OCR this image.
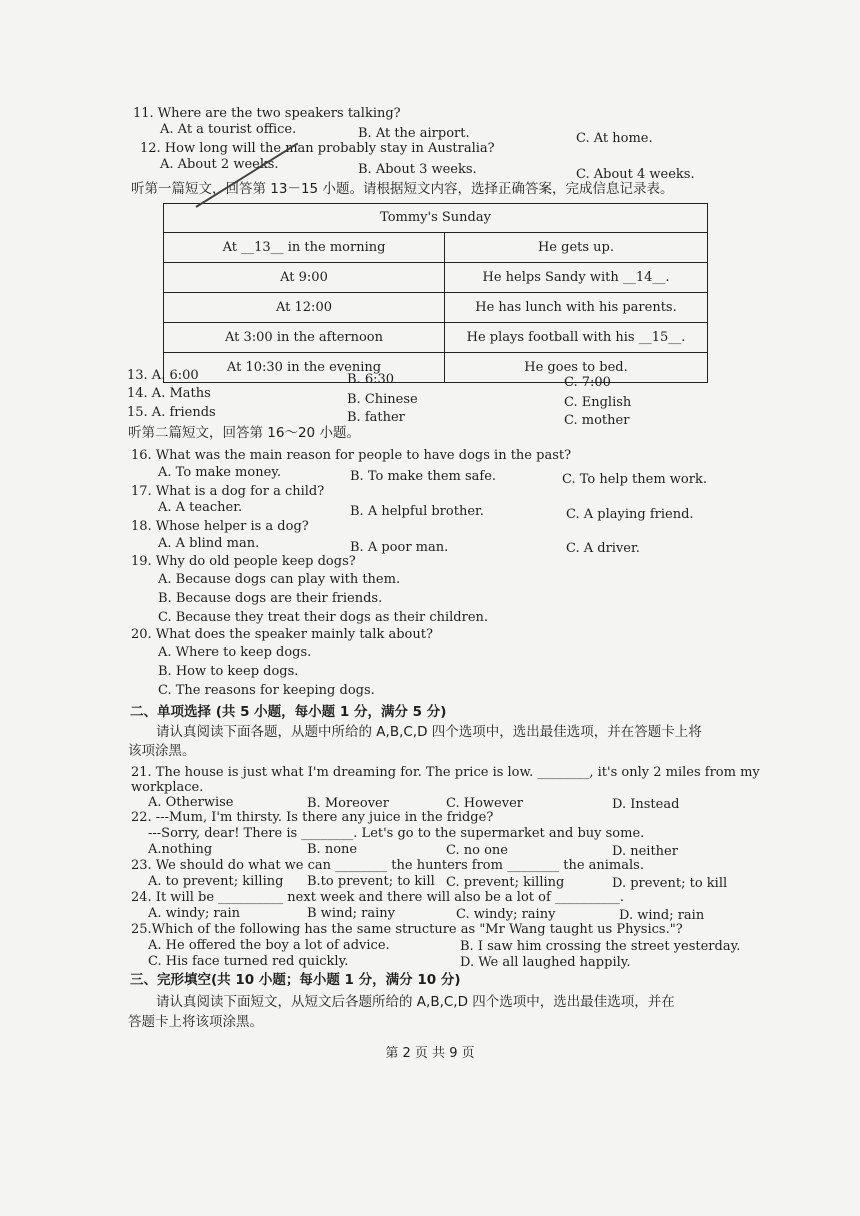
11. Where are the two speakers talking?
A. At a tourist office.	B. At the airport.	C. At home.
12. How long will the man probably stay in Australia?
A. About 2 weeks.	B. About 3 weeks.	C. About 4 weeks.
听第一篇短文，回答第 13－15 小题。请根据短文内容，选择正确答案，完成信息记录表。
Tommy's Sunday
At __13__ in the morning	He gets up.
At 9:00	He helps Sandy with __14__.
At 12:00	He has lunch with his parents.
At 3:00 in the afternoon	He plays football with his __15__.
At 10:30 in the evening	He goes to bed.
13. A. 6:00	B. 6:30	C. 7:00
14. A. Maths	B. Chinese	C. English
15. A. friends	B. father	C. mother
听第二篇短文，回答第 16～20 小题。
16. What was the main reason for people to have dogs in the past?
A. To make money.	B. To make them safe.	C. To help them work.
17. What is a dog for a child?
A. A teacher.	B. A helpful brother.	C. A playing friend.
18. Whose helper is a dog?
A. A blind man.	B. A poor man.	C. A driver.
19. Why do old people keep dogs?
A. Because dogs can play with them.
B. Because dogs are their friends.
C. Because they treat their dogs as their children.
20. What does the speaker mainly talk about?
A. Where to keep dogs.
B. How to keep dogs.
C. The reasons for keeping dogs.
二、单项选择 (共 5 小题，每小题 1 分，满分 5 分)
请认真阅读下面各题，从题中所给的 A,B,C,D 四个选项中，选出最佳选项，并在答题卡上将
该项涂黑。
21. The house is just what I'm dreaming for. The price is low. ________, it's only 2 miles from my
workplace.
A. Otherwise	B. Moreover	C. However	D. Instead
22. ---Mum, I'm thirsty. Is there any juice in the fridge?
---Sorry, dear! There is ________. Let's go to the supermarket and buy some.
A.nothing	B. none	C. no one	D. neither
23. We should do what we can ________ the hunters from ________ the animals.
A. to prevent; killing B.to prevent; to kill C. prevent; killing	D. prevent; to kill
24. It will be __________ next week and there will also be a lot of __________.
A. windy; rain	B wind; rainy	C. windy; rainy	D. wind; rain
25.Which of the following has the same structure as "Mr Wang taught us Physics."?
A. He offered the boy a lot of advice.	B. I saw him crossing the street yesterday.
C. His face turned red quickly.	D. We all laughed happily.
三、完形填空(共 10 小题；每小题 1 分，满分 10 分)
请认真阅读下面短文，从短文后各题所给的 A,B,C,D 四个选项中，选出最佳选项，并在
答题卡上将该项涂黑。
第 2 页 共 9 页
